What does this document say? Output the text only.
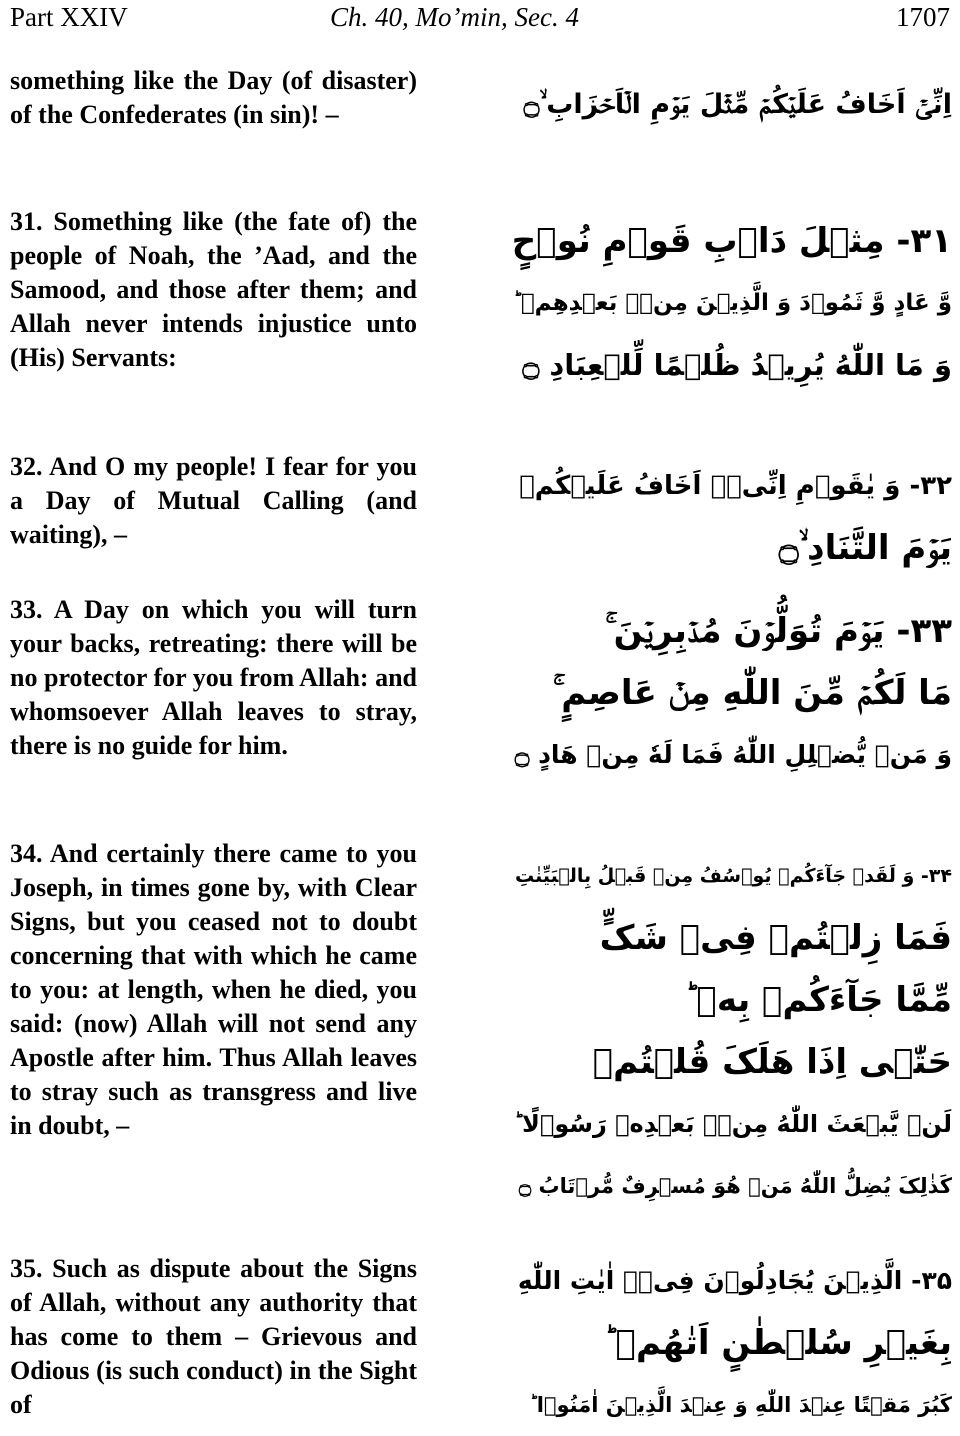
Part XXIV	Ch. 40, Mo’min, Sec. 4	1707

something like the Day (of disaster) of the Confederates (in sin)! –	اِنِّیۡۤ اَخَافُ عَلَیۡکُمۡ مِّثۡلَ یَوۡمِ الۡاَحۡزَابِ ۙ۝

31. Something like (the fate of) the people of Noah, the ’Aad, and the Samood, and those after them; and Allah never intends injustice unto (His) Servants:

۳۱- مِثۡلَ دَاۡبِ قَوۡمِ نُوۡحٍ
وَّ عَادٍ وَّ ثَمُوۡدَ وَ الَّذِیۡنَ مِنۡۢ بَعۡدِهِمۡ ؕ
وَ مَا اللّٰهُ یُرِیۡدُ ظُلۡمًا لِّلۡعِبَادِ ۝

32. And O my people! I fear for you a Day of Mutual Calling (and waiting), –

۳۲- وَ یٰقَوۡمِ اِنِّیۡۤ اَخَافُ عَلَیۡکُمۡ
یَوۡمَ التَّنَادِ ۙ۝

33. A Day on which you will turn your backs, retreating: there will be no protector for you from Allah: and whomsoever Allah leaves to stray, there is no guide for him.

۳۳- یَوۡمَ تُوَلُّوۡنَ مُدۡبِرِیۡنَ ۚ
مَا لَکُمۡ مِّنَ اللّٰهِ مِنۡ عَاصِمٍ ۚ
وَ مَنۡ یُّضۡلِلِ اللّٰهُ فَمَا لَهٗ مِنۡ هَادٍ ۝

34. And certainly there came to you Joseph, in times gone by, with Clear Signs, but you ceased not to doubt concerning that with which he came to you: at length, when he died, you said: (now) Allah will not send any Apostle after him. Thus Allah leaves to stray such as transgress and live in doubt, –

۳۴- وَ لَقَدۡ جَآءَکُمۡ یُوۡسُفُ مِنۡ قَبۡلُ بِالۡبَیِّنٰتِ
فَمَا زِلۡتُمۡ فِیۡ شَکٍّ
مِّمَّا جَآءَکُمۡ بِهٖ ؕ
حَتّٰۤی اِذَا هَلَکَ قُلۡتُمۡ
لَنۡ یَّبۡعَثَ اللّٰهُ مِنۡۢ بَعۡدِهٖ رَسُوۡلًا ؕ
کَذٰلِکَ یُضِلُّ اللّٰهُ مَنۡ هُوَ مُسۡرِفٌ مُّرۡتَابُ ۝

35. Such as dispute about the Signs of Allah, without any authority that has come to them – Grievous and Odious (is such conduct) in the Sight of

۳۵- الَّذِیۡنَ یُجَادِلُوۡنَ فِیۡۤ اٰیٰتِ اللّٰهِ
بِغَیۡرِ سُلۡطٰنٍ اَتٰهُمۡ ؕ
کَبُرَ مَقۡتًا عِنۡدَ اللّٰهِ وَ عِنۡدَ الَّذِیۡنَ اٰمَنُوۡا ؕ
